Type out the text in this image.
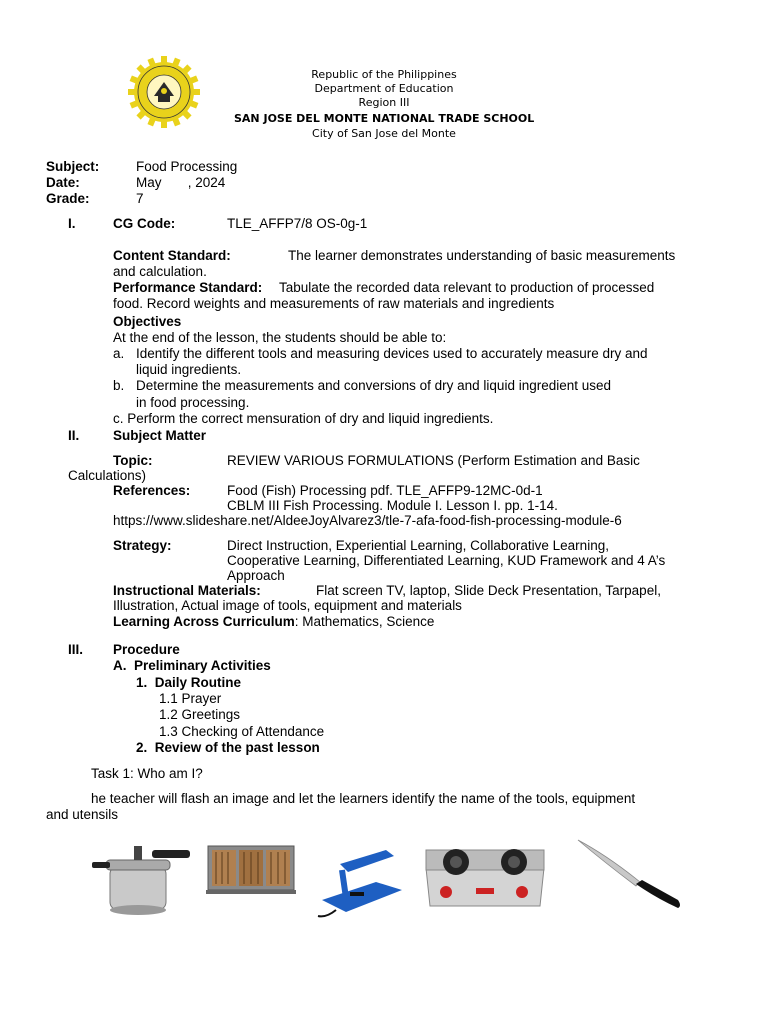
Republic of the Philippines
Department of Education
Region III
SAN JOSE DEL MONTE NATIONAL TRADE SCHOOL
City of San Jose del Monte
Subject:	Food Processing
Date:	May       , 2024
Grade:	7
I.	CG Code:	TLE_AFFP7/8 OS-0g-1
Content Standard:	The learner demonstrates understanding of basic measurements
and calculation.
Performance Standard: Tabulate the recorded data relevant to production of processed
food. Record weights and measurements of raw materials and ingredients
Objectives
At the end of the lesson, the students should be able to:
a. Identify the different tools and measuring devices used to accurately measure dry and
liquid ingredients.
b. Determine the measurements and conversions of dry and liquid ingredient used
in food processing.
c. Perform the correct mensuration of dry and liquid ingredients.
II. Subject Matter
Topic:	REVIEW VARIOUS FORMULATIONS (Perform Estimation and Basic
Calculations)
References:	Food (Fish) Processing pdf. TLE_AFFP9-12MC-0d-1
CBLM III Fish Processing. Module I. Lesson I. pp. 1-14.
https://www.slideshare.net/AldeeJoyAlvarez3/tle-7-afa-food-fish-processing-module-6
Strategy:	Direct Instruction, Experiential Learning, Collaborative Learning,
Cooperative Learning, Differentiated Learning, KUD Framework and 4 A’s
Approach
Instructional Materials:	Flat screen TV, laptop, Slide Deck Presentation, Tarpapel,
Illustration, Actual image of tools, equipment and materials
Learning Across Curriculum: Mathematics, Science
III. Procedure
A.  Preliminary Activities
1.  Daily Routine
1.1 Prayer
1.2 Greetings
1.3 Checking of Attendance
2.  Review of the past lesson
Task 1: Who am I?
he teacher will flash an image and let the learners identify the name of the tools, equipment
and utensils
